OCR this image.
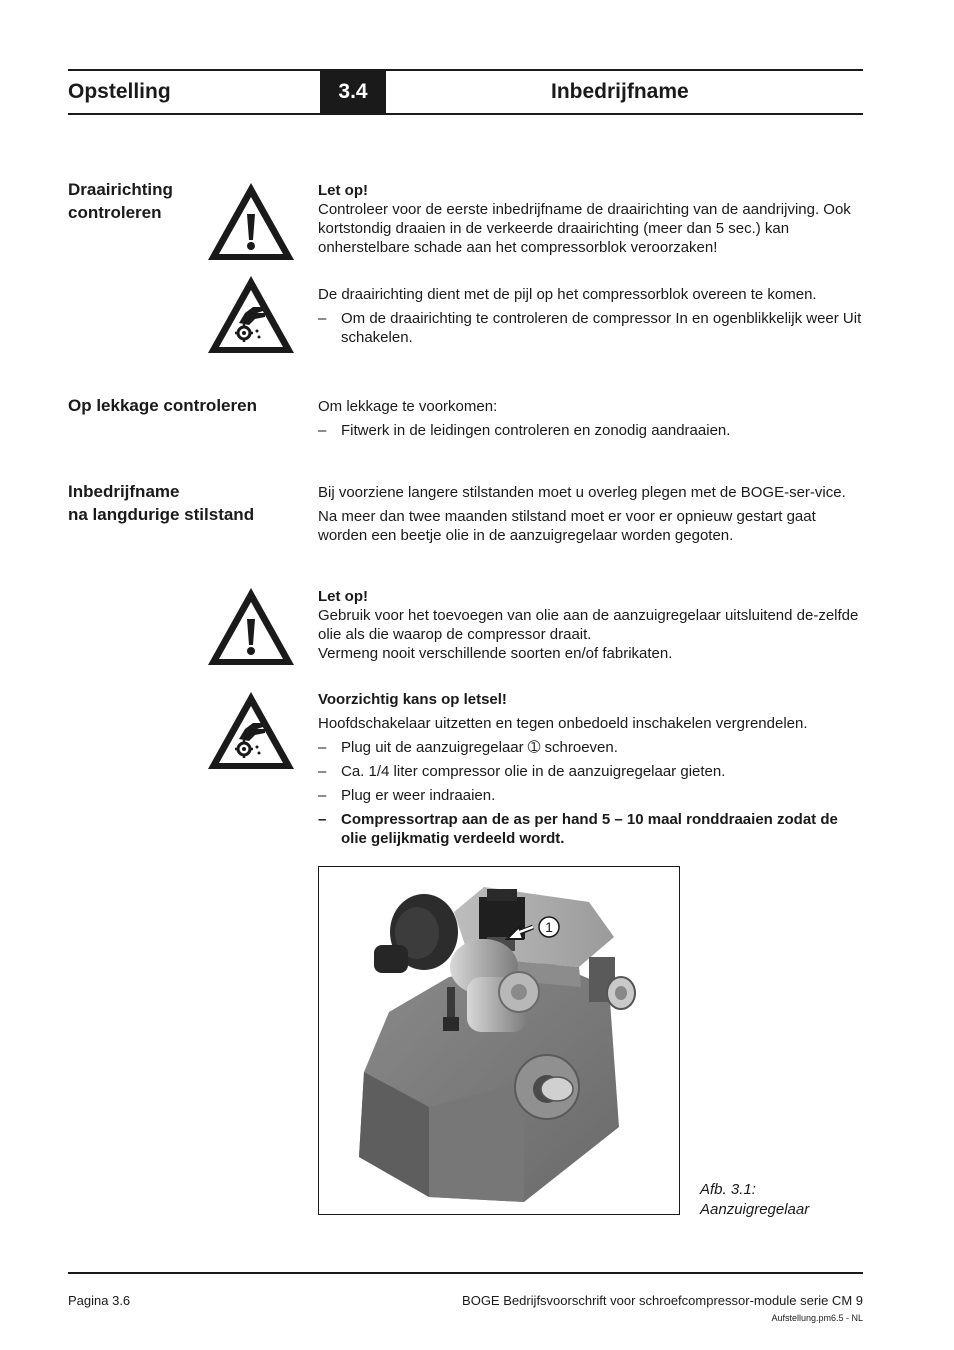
Opstelling	3.4	Inbedrijfname
Draairichting
controleren

Let op!

Controleer voor de eerste inbedrijfname de draairichting van de aandrijving. Ook kortstondig draaien in de verkeerde draairichting (meer dan 5 sec.) kan onherstelbare schade aan het compressorblok veroorzaken!

De draairichting dient met de pijl op het compressorblok overeen te komen.

– Om de draairichting te controleren de compressor In en ogenblikkelijk weer Uit schakelen.

Op lekkage controleren	Om lekkage te voorkomen:

– Fitwerk in de leidingen controleren en zonodig aandraaien.

Inbedrijfname
na langdurige stilstand

Bij voorziene langere stilstanden moet u overleg plegen met de BOGE-ser-vice.

Na meer dan twee maanden stilstand moet er voor er opnieuw gestart gaat worden een beetje olie in de aanzuigregelaar worden gegoten.

Let op!

Gebruik voor het toevoegen van olie aan de aanzuigregelaar uitsluitend de-zelfde olie als die waarop de compressor draait.

Vermeng nooit verschillende soorten en/of fabrikaten.

Voorzichtig kans op letsel!

Hoofdschakelaar uitzetten en tegen onbedoeld inschakelen vergrendelen.

– Plug uit de aanzuigregelaar ➀ schroeven.

– Ca. 1/4 liter compressor olie in de aanzuigregelaar gieten.

– Plug er weer indraaien.

– Compressortrap aan de as per hand 5 – 10 maal ronddraaien zodat de olie gelijkmatig verdeeld wordt.

1
Afb. 3.1:
Aanzuigregelaar
Pagina 3.6	BOGE Bedrijfsvoorschrift voor schroefcompressor-module serie CM 9
Aufstellung.pm6.5 - NL
